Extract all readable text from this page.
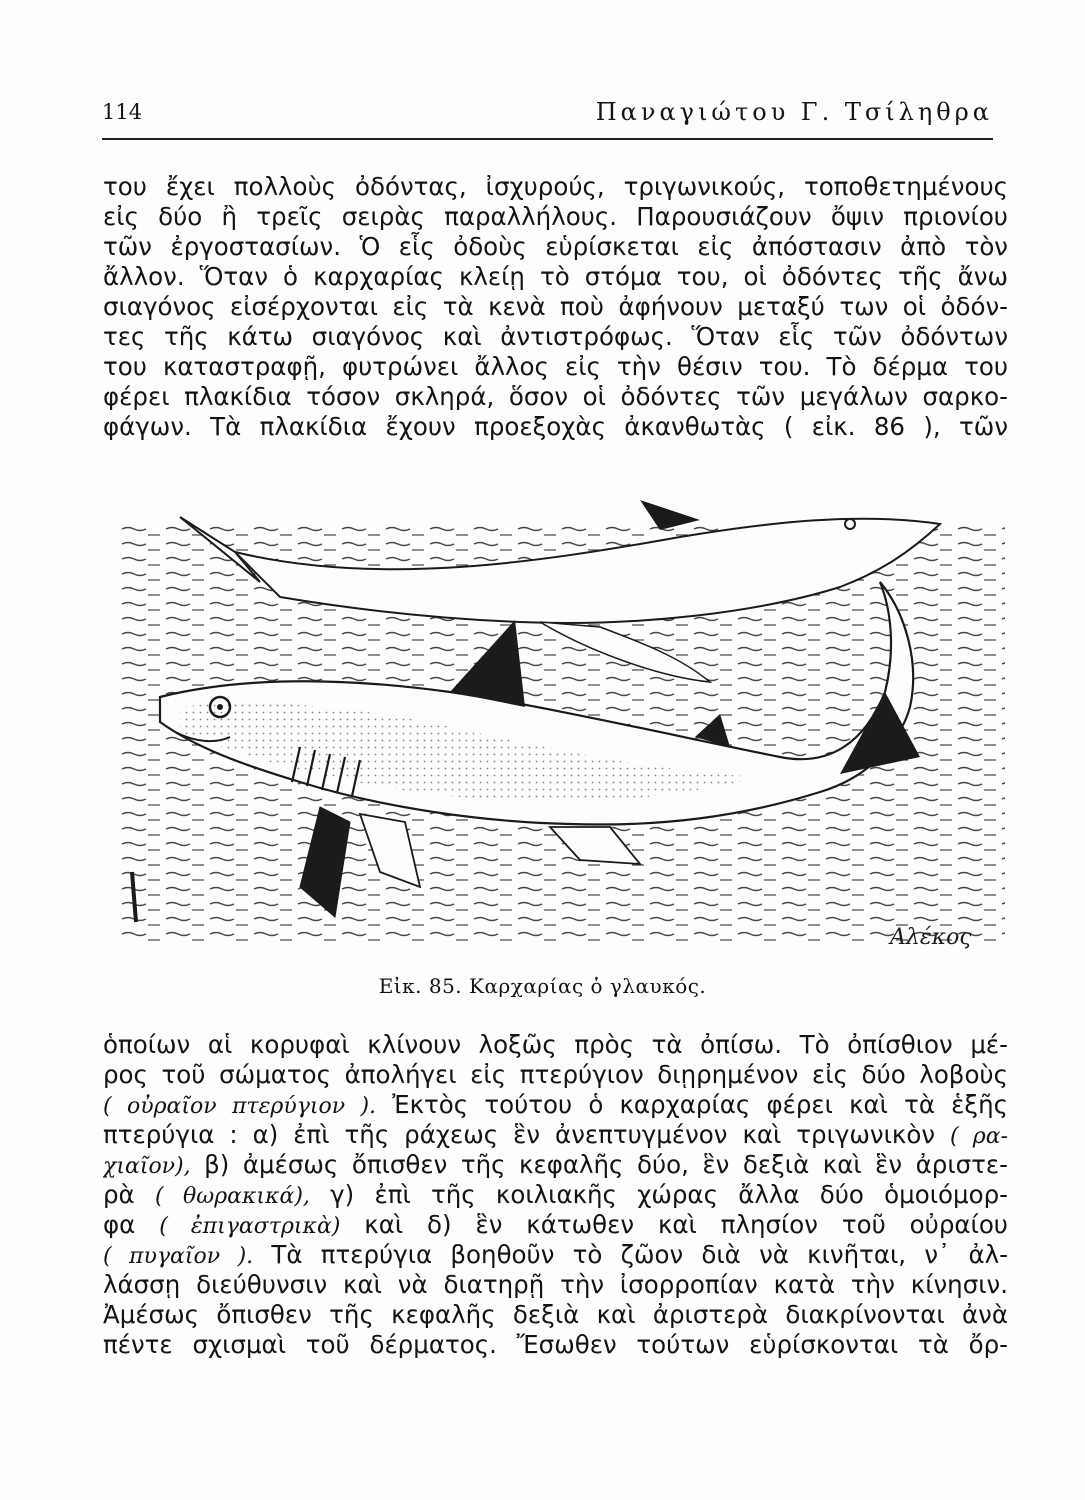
114	Παναγιώτου Γ. Τσίληθρα
του ἔχει πολλοὺς ὀδόντας, ἰσχυρούς, τριγωνικούς, τοποθετημένους
εἰς δύο ἢ τρεῖς σειρὰς παραλλήλους. Παρουσιάζουν ὄψιν πριονίου
τῶν ἐργοστασίων. Ὁ εἷς ὀδοὺς εὑρίσκεται εἰς ἀπόστασιν ἀπὸ τὸν
ἄλλον. Ὅταν ὁ καρχαρίας κλείῃ τὸ στόμα του, οἱ ὀδόντες τῆς ἄνω
σιαγόνος εἰσέρχονται εἰς τὰ κενὰ ποὺ ἀφήνουν μεταξύ των οἱ ὀδόν-
τες τῆς κάτω σιαγόνος καὶ ἀντιστρόφως. Ὅταν εἷς τῶν ὀδόντων
του καταστραφῇ, φυτρώνει ἄλλος εἰς τὴν θέσιν του. Τὸ δέρμα του
φέρει πλακίδια τόσον σκληρά, ὅσον οἱ ὀδόντες τῶν μεγάλων σαρκο-
φάγων. Τὰ πλακίδια ἔχουν προεξοχὰς ἀκανθωτὰς ( εἰκ. 86 ), τῶν
Αλέκος
Εἰκ. 85. Καρχαρίας ὁ γλαυκός.
ὁποίων αἱ κορυφαὶ κλίνουν λοξῶς πρὸς τὰ ὀπίσω. Τὸ ὀπίσθιον μέ-
ρος τοῦ σώματος ἀπολήγει εἰς πτερύγιον διῃρημένον εἰς δύο λοβοὺς
( οὐραῖον πτερύγιον ). Ἐκτὸς τούτου ὁ καρχαρίας φέρει καὶ τὰ ἑξῆς
πτερύγια : α) ἐπὶ τῆς ράχεως ἓν ἀνεπτυγμένον καὶ τριγωνικὸν ( ρα-
χιαῖον), β) ἀμέσως ὄπισθεν τῆς κεφαλῆς δύο, ἓν δεξιὰ καὶ ἓν ἀριστε-
ρὰ ( θωρακικά), γ) ἐπὶ τῆς κοιλιακῆς χώρας ἄλλα δύο ὁμοιόμορ-
φα ( ἐπιγαστρικὰ) καὶ δ) ἓν κάτωθεν καὶ πλησίον τοῦ οὐραίου
( πυγαῖον ). Τὰ πτερύγια βοηθοῦν τὸ ζῶον διὰ νὰ κινῆται, ν᾽ ἀλ-
λάσσῃ διεύθυνσιν καὶ νὰ διατηρῇ τὴν ἰσορροπίαν κατὰ τὴν κίνησιν.
Ἀμέσως ὄπισθεν τῆς κεφαλῆς δεξιὰ καὶ ἀριστερὰ διακρίνονται ἀνὰ
πέντε σχισμαὶ τοῦ δέρματος. Ἔσωθεν τούτων εὑρίσκονται τὰ ὄρ-
